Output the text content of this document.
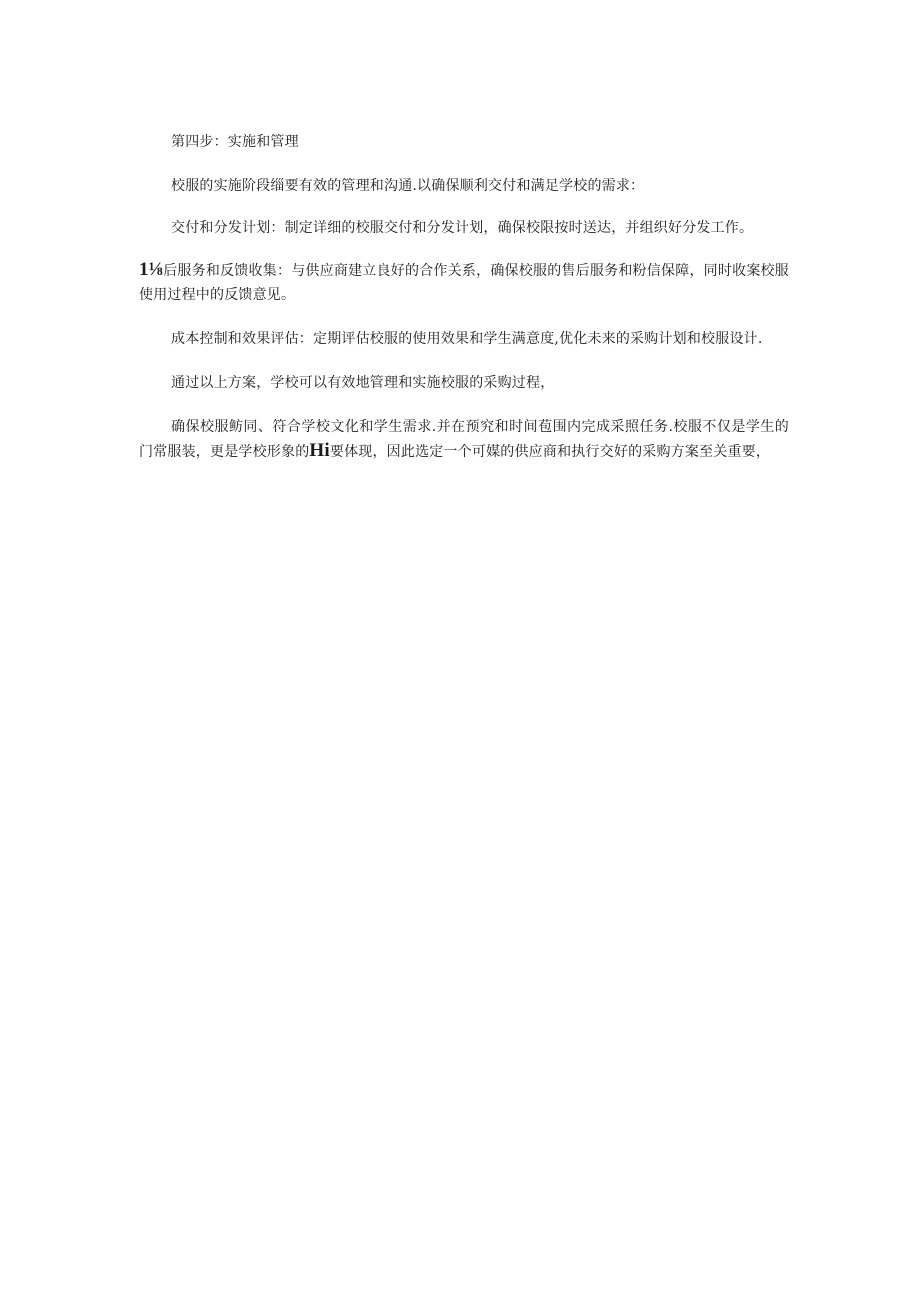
第四步：实施和管理

校服的实施阶段缁要有效的管理和沟通.以确保顺利交付和满足学校的需求：

交付和分发计划：制定详细的校服交付和分发计划，确保校限按时送达，并组织好分发工作。

1⅛后服务和反馈收集：与供应商建立良好的合作关系，确保校服的售后服务和粉信保障，同时收案校服使用过程中的反馈意见。

成本控制和效果评估：定期评估校服的使用效果和学生满意度,优化未来的采购计划和校服设计.

通过以上方案，学校可以有效地管理和实施校服的采购过程，

确保校服鲂同、符合学校文化和学生需求.并在预究和时间苞围内完成采照任务.校服不仅是学生的门常服装，更是学校形象的Hi要体现，因此选定一个可媒的供应商和执行交好的采购方案至关重要，
